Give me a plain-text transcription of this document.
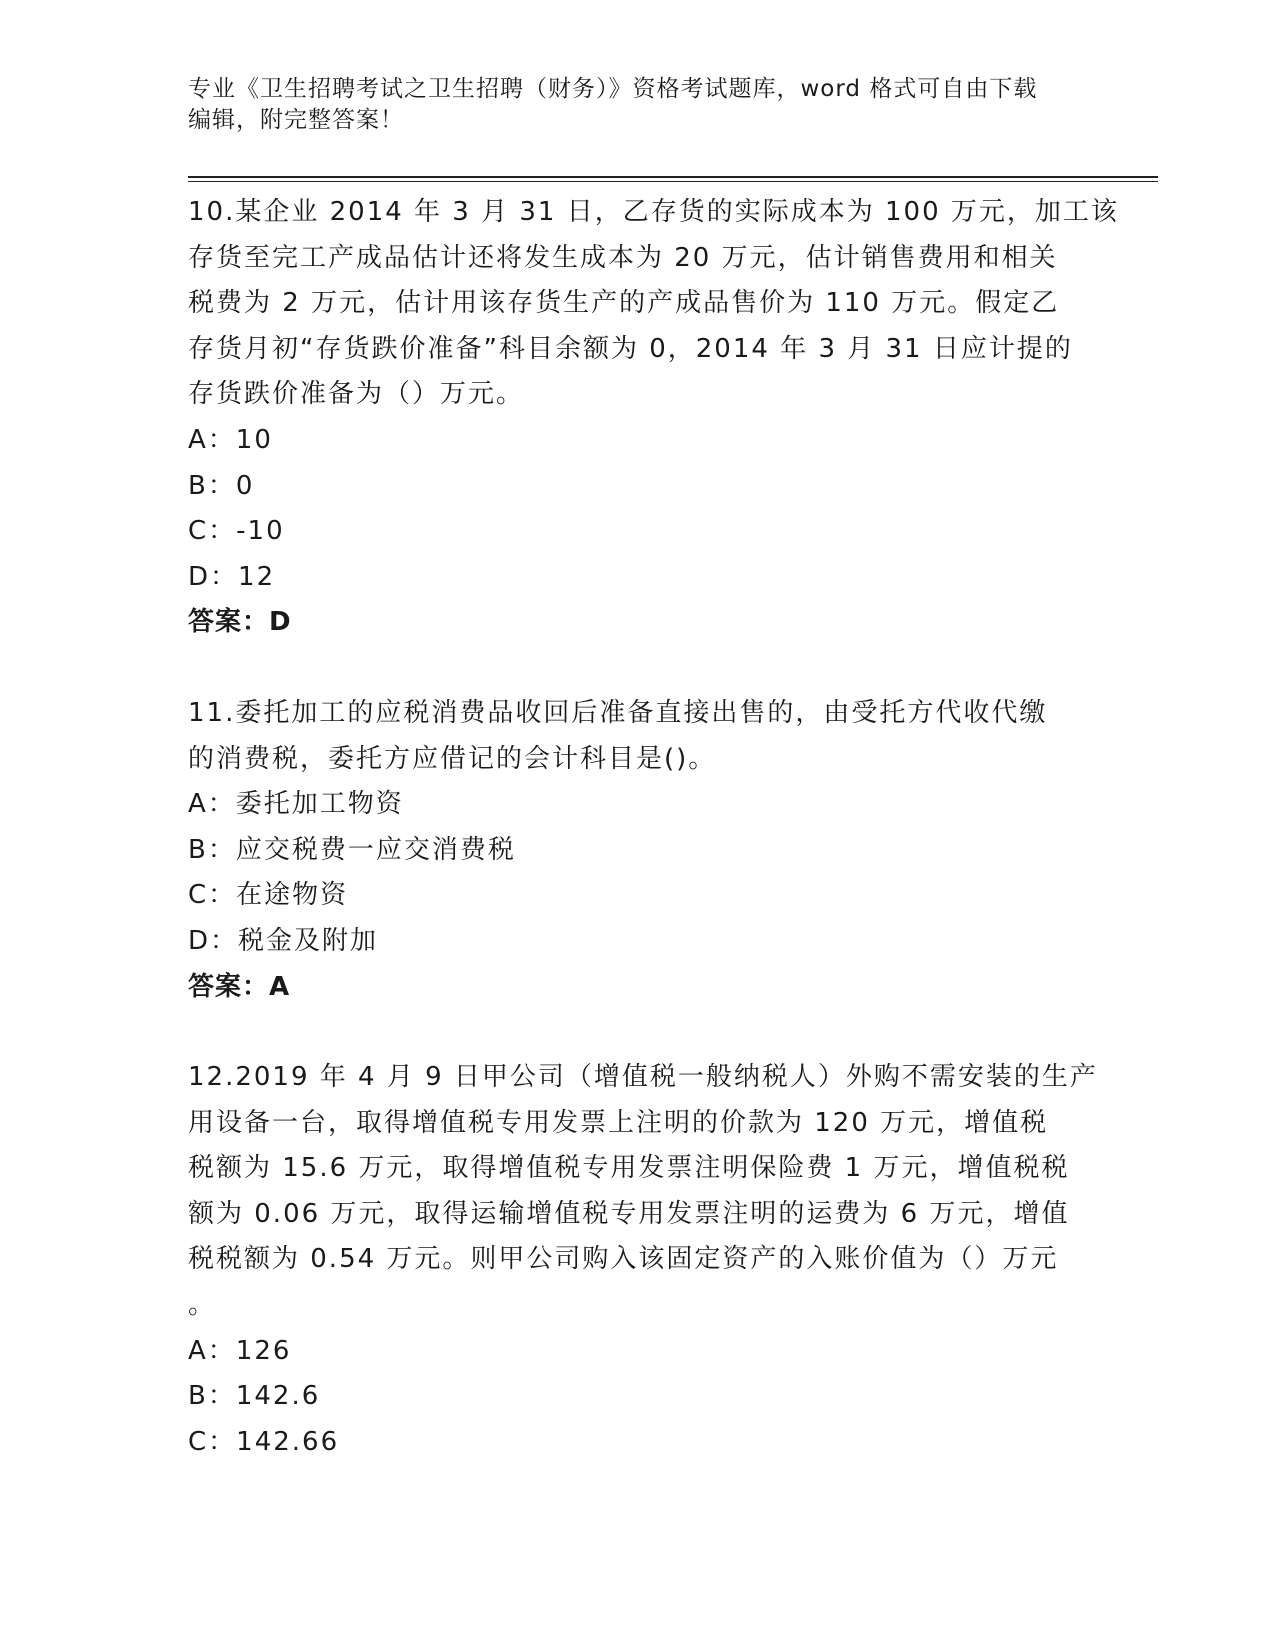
专业《卫生招聘考试之卫生招聘（财务）》资格考试题库，word 格式可自由下载
编辑，附完整答案！
10.某企业 2014 年 3 月 31 日，乙存货的实际成本为 100 万元，加工该
存货至完工产成品估计还将发生成本为 20 万元，估计销售费用和相关
税费为 2 万元，估计用该存货生产的产成品售价为 110 万元。假定乙
存货月初“存货跌价准备”科目余额为 0，2014 年 3 月 31 日应计提的
存货跌价准备为（）万元。
A：10
B：0
C：-10
D：12
答案：D
11.委托加工的应税消费品收回后准备直接出售的，由受托方代收代缴
的消费税，委托方应借记的会计科目是()。
A：委托加工物资
B：应交税费一应交消费税
C：在途物资
D：税金及附加
答案：A
12.2019 年 4 月 9 日甲公司（增值税一般纳税人）外购不需安装的生产
用设备一台，取得增值税专用发票上注明的价款为 120 万元，增值税
税额为 15.6 万元，取得增值税专用发票注明保险费 1 万元，增值税税
额为 0.06 万元，取得运输增值税专用发票注明的运费为 6 万元，增值
税税额为 0.54 万元。则甲公司购入该固定资产的入账价值为（）万元
。
A：126
B：142.6
C：142.66
